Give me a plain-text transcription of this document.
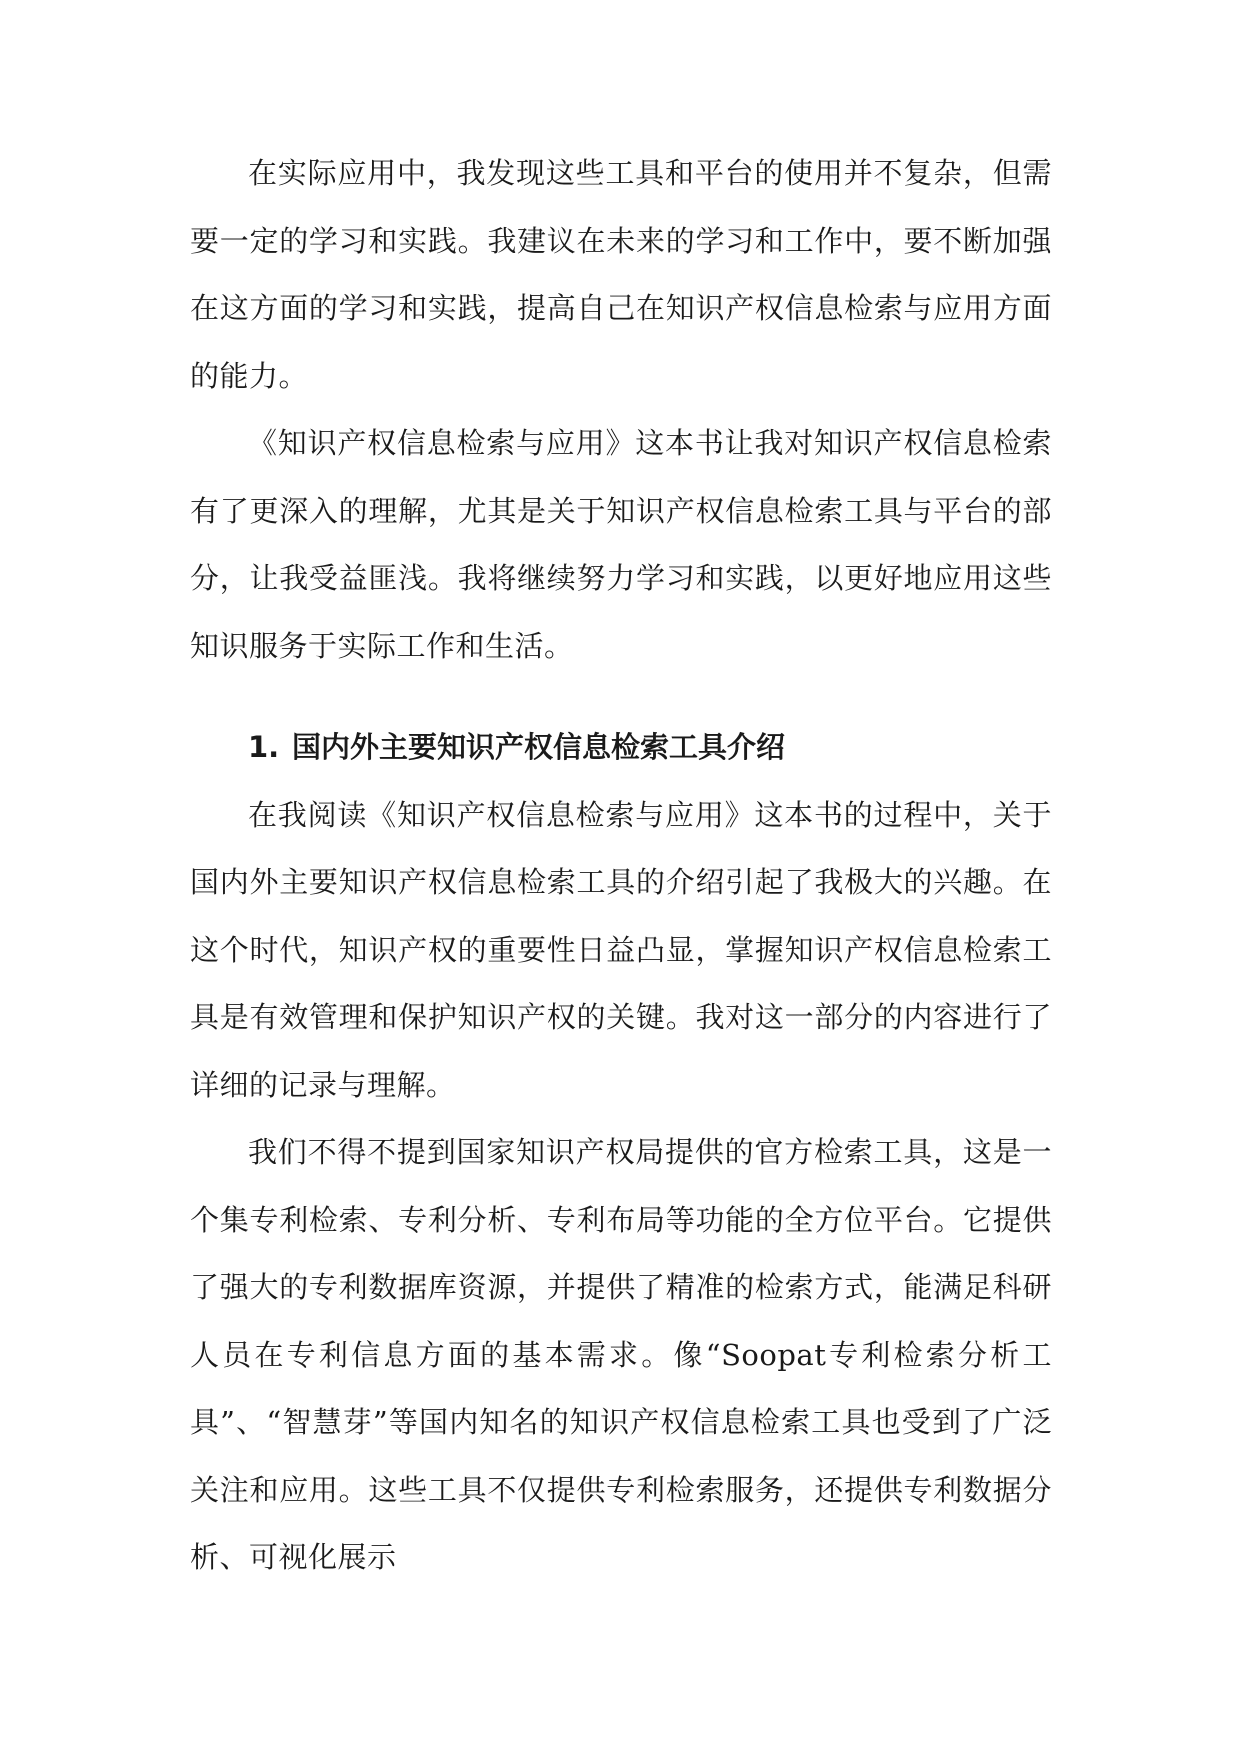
在实际应用中，我发现这些工具和平台的使用并不复杂，但需要一定的学习和实践。我建议在未来的学习和工作中，要不断加强在这方面的学习和实践，提高自己在知识产权信息检索与应用方面的能力。

《知识产权信息检索与应用》这本书让我对知识产权信息检索有了更深入的理解，尤其是关于知识产权信息检索工具与平台的部分，让我受益匪浅。我将继续努力学习和实践，以更好地应用这些知识服务于实际工作和生活。

1. 国内外主要知识产权信息检索工具介绍

在我阅读《知识产权信息检索与应用》这本书的过程中，关于国内外主要知识产权信息检索工具的介绍引起了我极大的兴趣。在这个时代，知识产权的重要性日益凸显，掌握知识产权信息检索工具是有效管理和保护知识产权的关键。我对这一部分的内容进行了详细的记录与理解。

我们不得不提到国家知识产权局提供的官方检索工具，这是一个集专利检索、专利分析、专利布局等功能的全方位平台。它提供了强大的专利数据库资源，并提供了精准的检索方式，能满足科研人员在专利信息方面的基本需求。像“Soopat专利检索分析工具”、“智慧芽”等国内知名的知识产权信息检索工具也受到了广泛关注和应用。这些工具不仅提供专利检索服务，还提供专利数据分析、可视化展示
